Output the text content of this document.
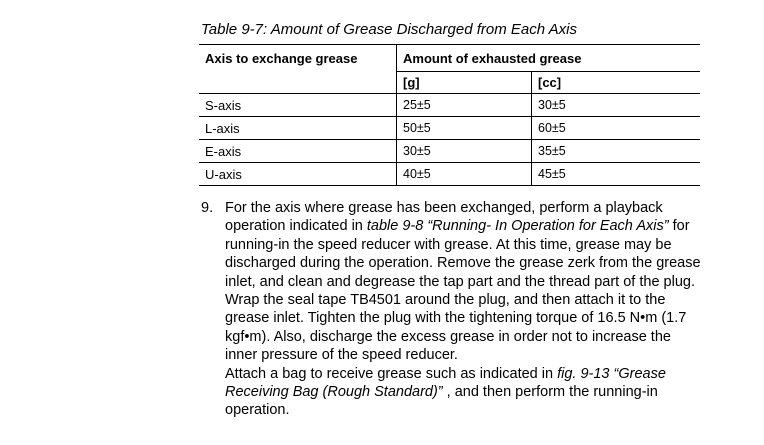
Table 9-7: Amount of Grease Discharged from Each Axis
Axis to exchange grease	Amount of exhausted grease	
	[g]	[cc]
S-axis	25±5	30±5
L-axis	50±5	60±5
E-axis	30±5	35±5
U-axis	40±5	45±5
9. For the axis where grease has been exchanged, perform a playback operation indicated in table 9-8 “Running- In Operation for Each Axis” for running-in the speed reducer with grease. At this time, grease may be discharged during the operation. Remove the grease zerk from the grease inlet, and clean and degrease the tap part and the thread part of the plug. Wrap the seal tape TB4501 around the plug, and then attach it to the grease inlet. Tighten the plug with the tightening torque of 16.5 N•m (1.7 kgf•m). Also, discharge the excess grease in order not to increase the inner pressure of the speed reducer.

Attach a bag to receive grease such as indicated in fig. 9-13 “Grease Receiving Bag (Rough Standard)” , and then perform the running-in operation.
